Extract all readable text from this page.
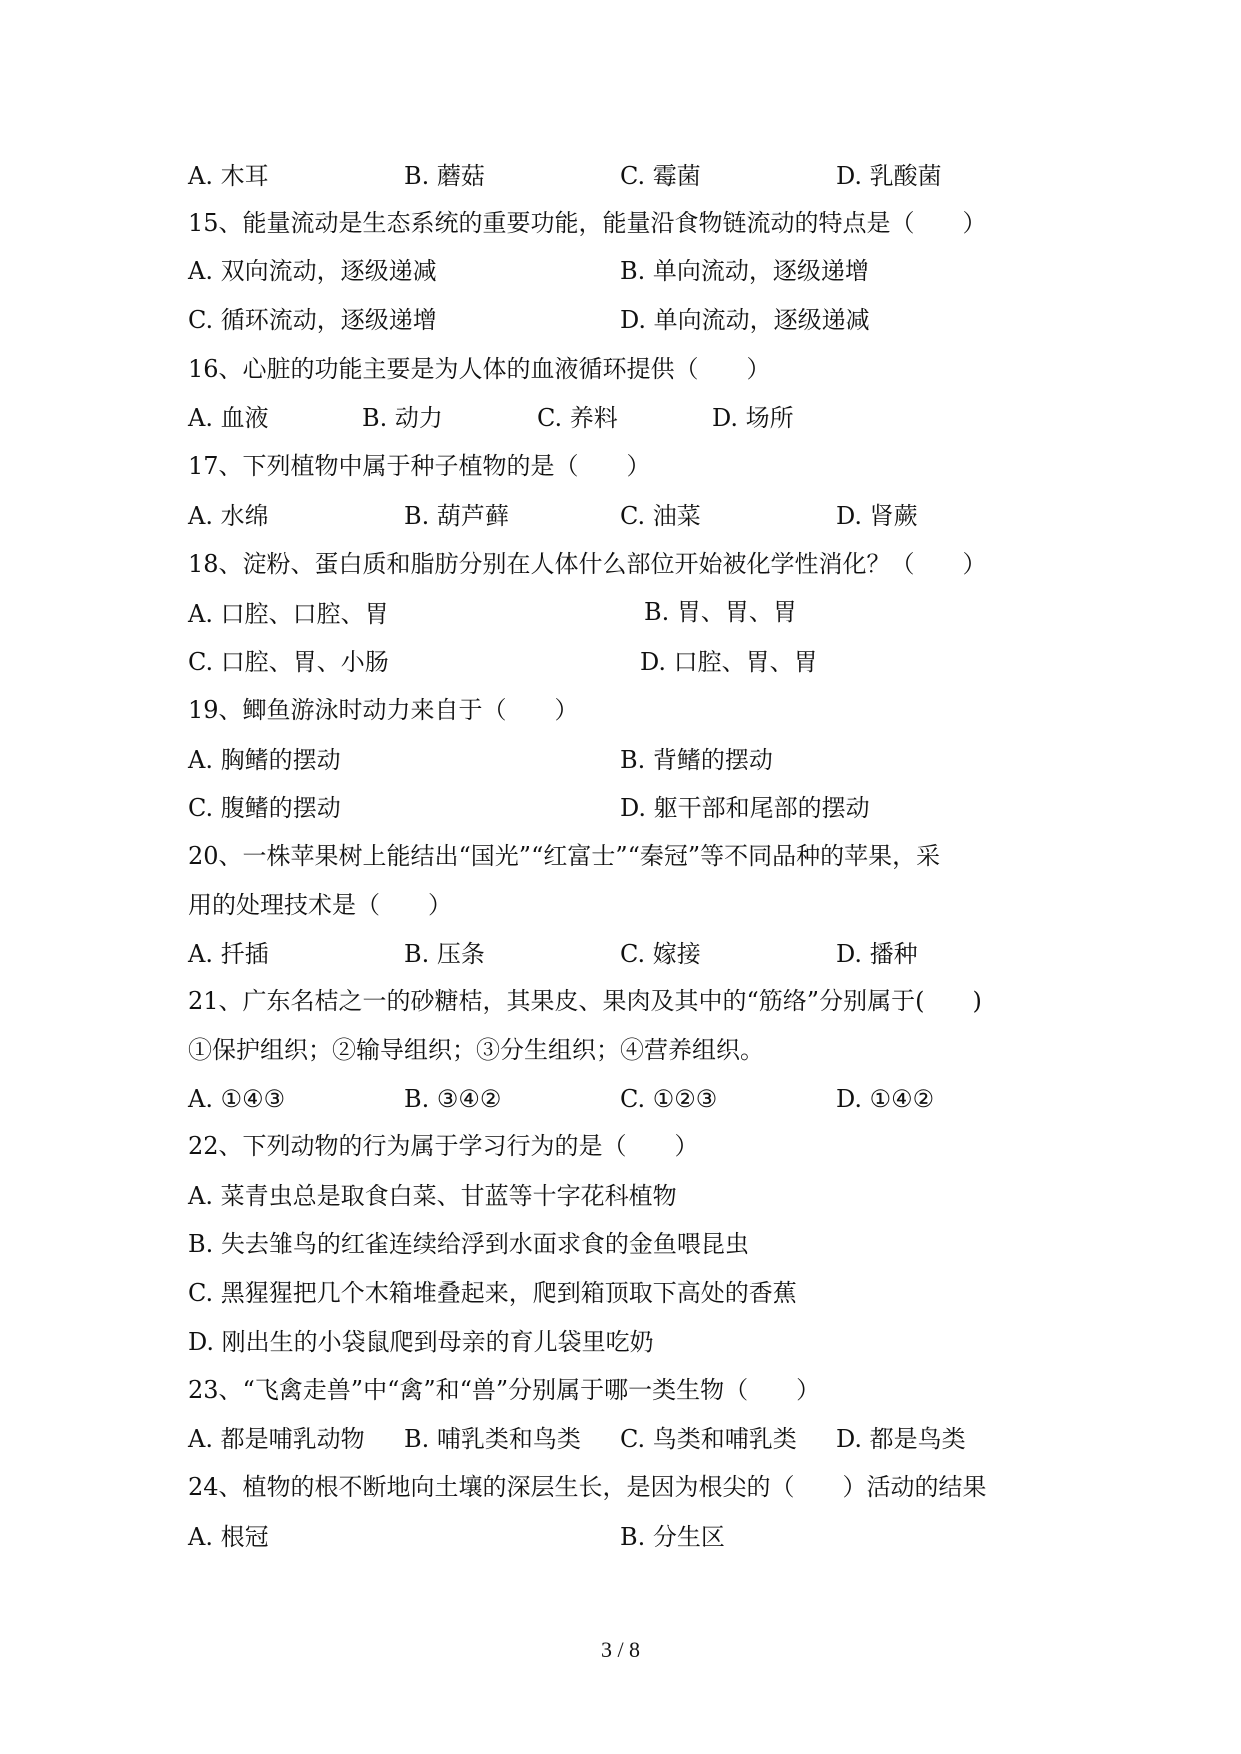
A. 木耳	B. 蘑菇	C. 霉菌	D. 乳酸菌
15、能量流动是生态系统的重要功能，能量沿食物链流动的特点是（　　）
A. 双向流动，逐级递减	B. 单向流动，逐级递增
C. 循环流动，逐级递增	D. 单向流动，逐级递减
16、心脏的功能主要是为人体的血液循环提供（　　）
A. 血液	B. 动力	C. 养料	D. 场所
17、下列植物中属于种子植物的是（　　）
A. 水绵	B. 葫芦藓	C. 油菜	D. 肾蕨
18、淀粉、蛋白质和脂肪分别在人体什么部位开始被化学性消化？（　　）
A. 口腔、口腔、胃	B. 胃、胃、胃
C. 口腔、胃、小肠	D. 口腔、胃、胃
19、鲫鱼游泳时动力来自于（　　）
A. 胸鳍的摆动	B. 背鳍的摆动
C. 腹鳍的摆动	D. 躯干部和尾部的摆动
20、一株苹果树上能结出“国光”“红富士”“秦冠”等不同品种的苹果，采
用的处理技术是（　　）
A. 扦插	B. 压条	C. 嫁接	D. 播种
21、广东名桔之一的砂糖桔，其果皮、果肉及其中的“筋络”分别属于(　　)
①保护组织；②输导组织；③分生组织；④营养组织。
A. ①④③	B. ③④②	C. ①②③	D. ①④②
22、下列动物的行为属于学习行为的是（　　）
A. 菜青虫总是取食白菜、甘蓝等十字花科植物
B. 失去雏鸟的红雀连续给浮到水面求食的金鱼喂昆虫
C. 黑猩猩把几个木箱堆叠起来，爬到箱顶取下高处的香蕉
D. 刚出生的小袋鼠爬到母亲的育儿袋里吃奶
23、“飞禽走兽”中“禽”和“兽”分别属于哪一类生物（　　）
A. 都是哺乳动物 B. 哺乳类和鸟类 C. 鸟类和哺乳类 D. 都是鸟类
24、植物的根不断地向土壤的深层生长，是因为根尖的（　　）活动的结果
A. 根冠	B. 分生区
3 / 8
